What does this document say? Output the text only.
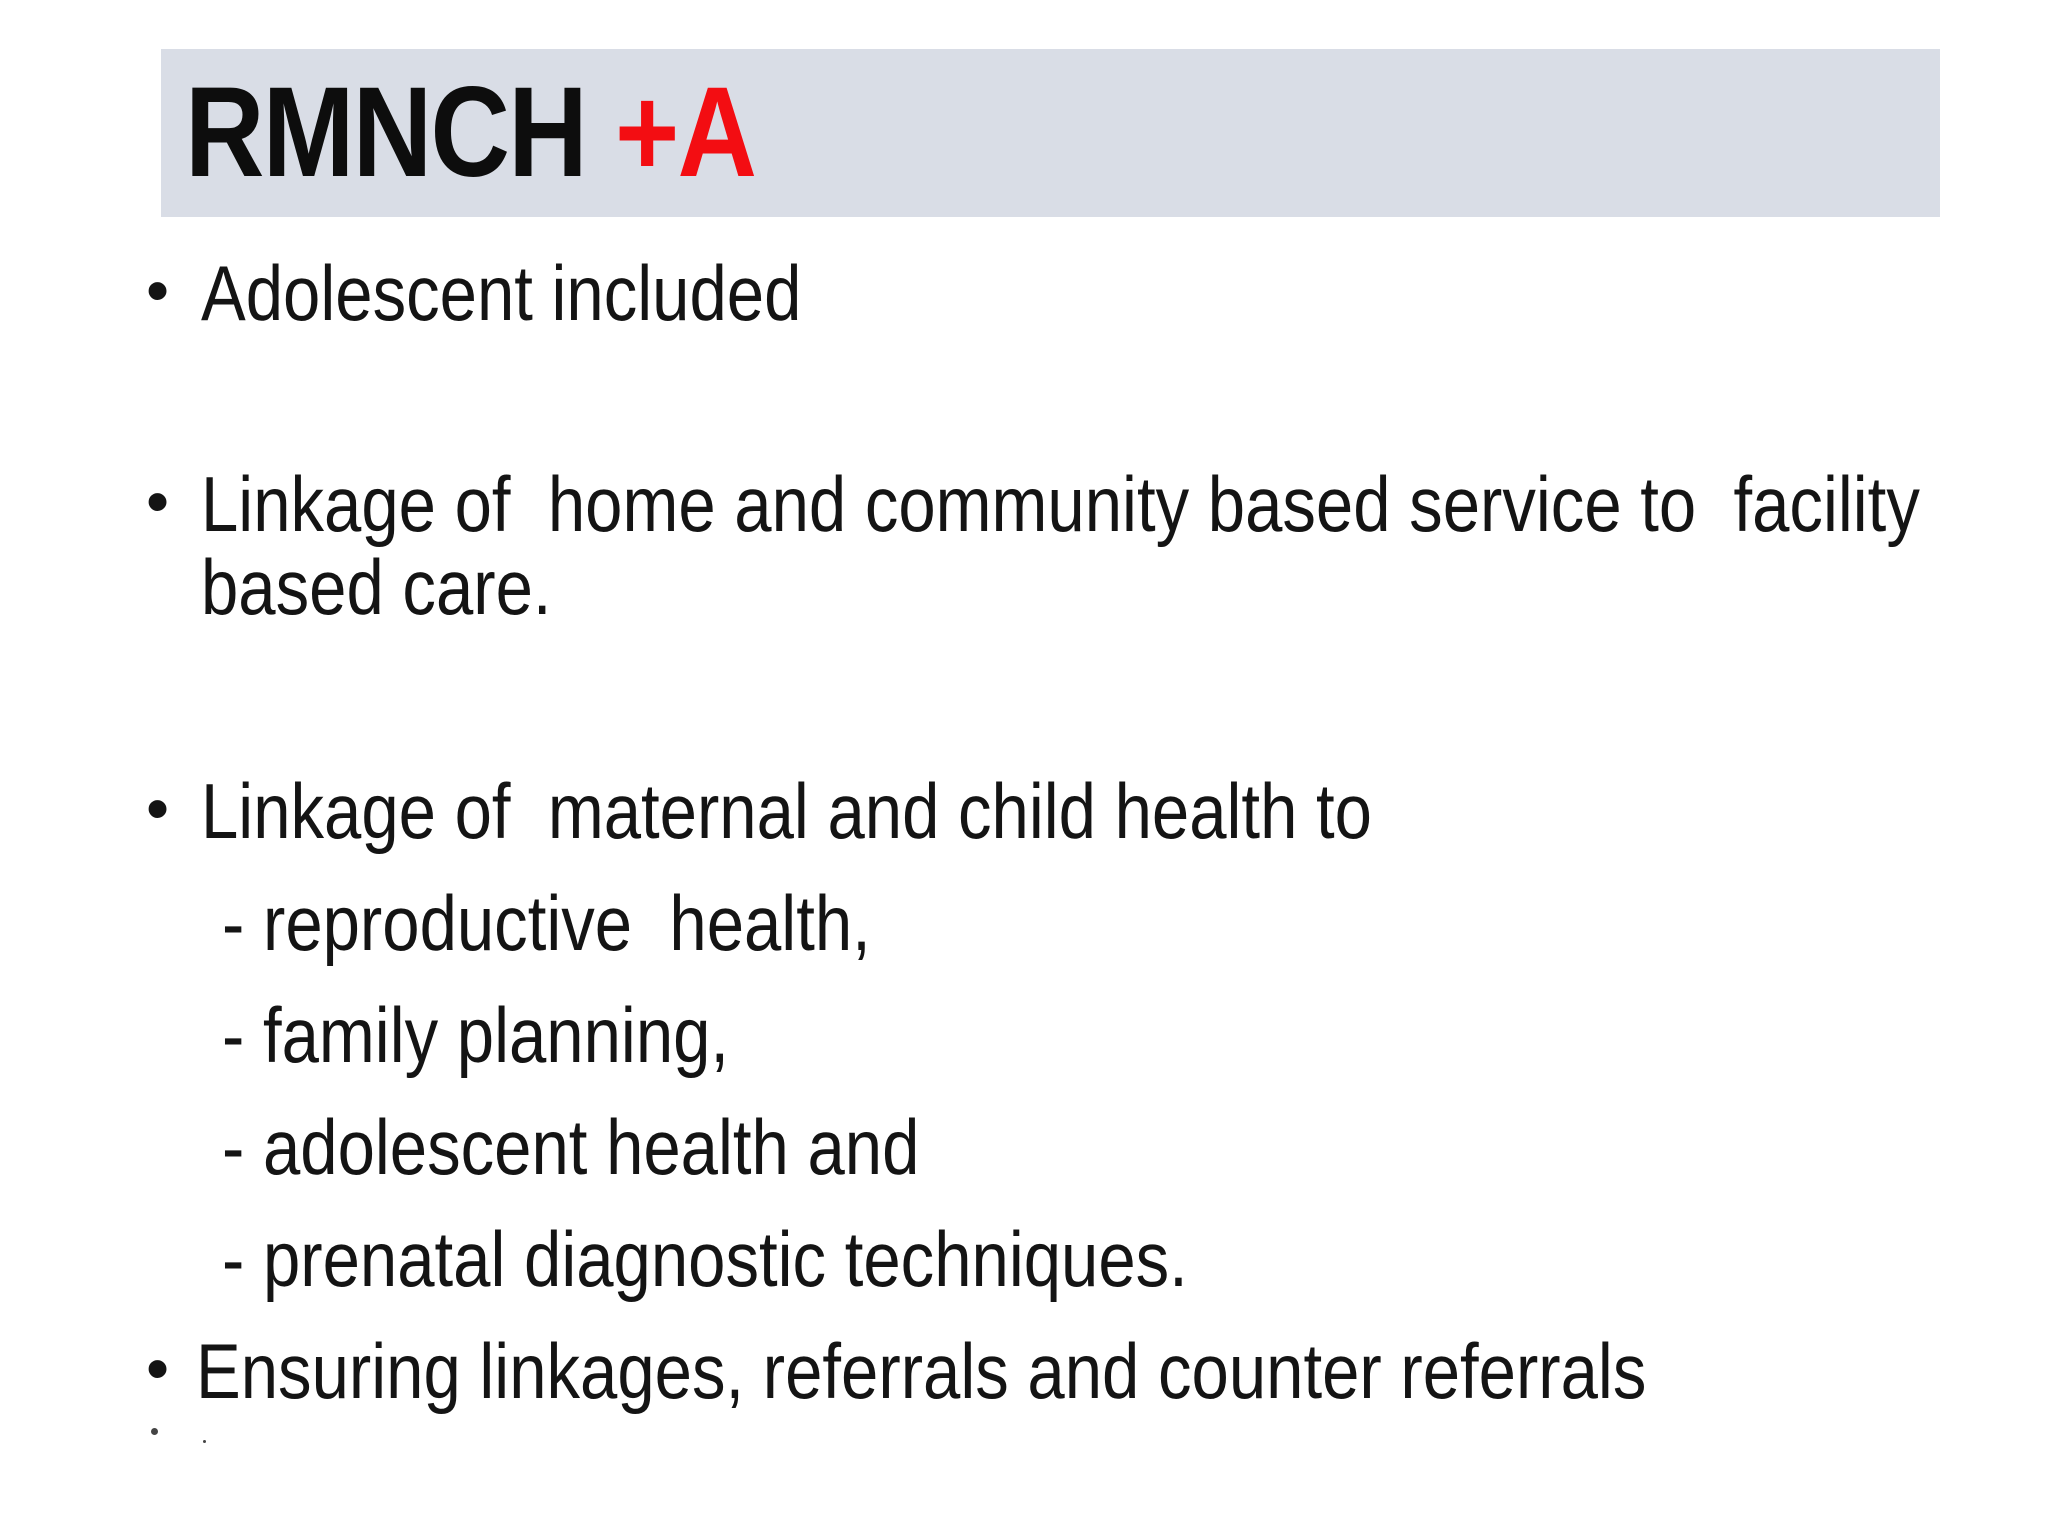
RMNCH +A
• Adolescent included
• Linkage of  home and community based service to  facility
based care.
• Linkage of  maternal and child health to
- reproductive  health,
- family planning,
- adolescent health and
- prenatal diagnostic techniques.
• Ensuring linkages, referrals and counter referrals
